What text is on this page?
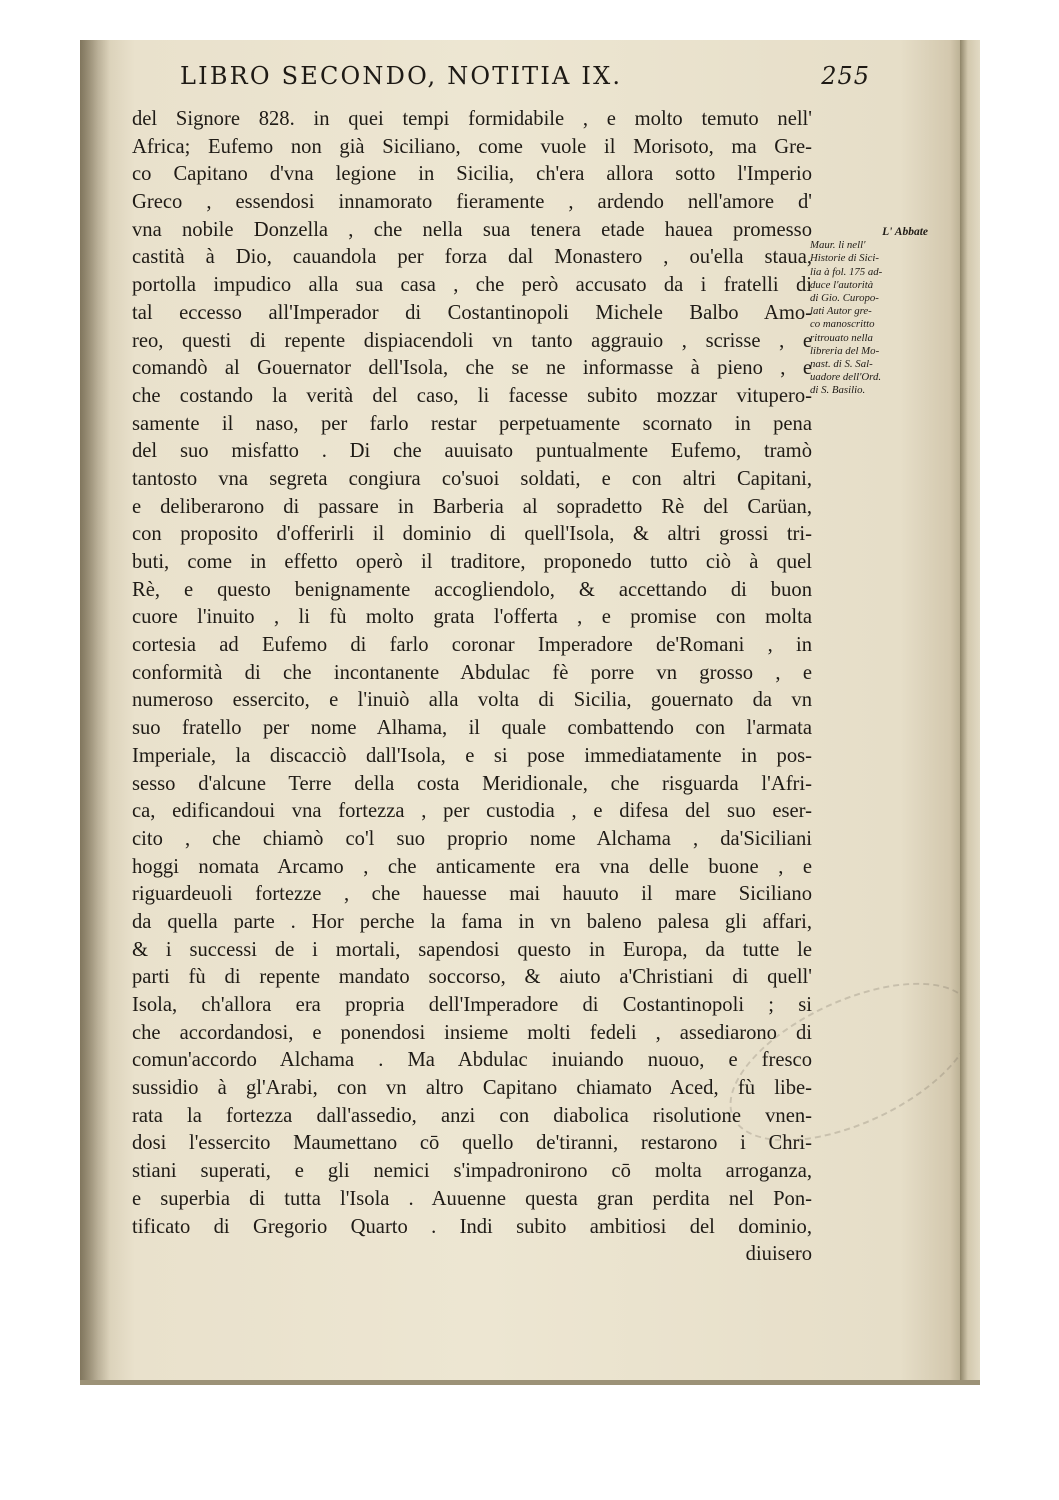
LIBRO SECONDO, NOTITIA IX.	255
del Signore 828. in quei tempi formidabile , e molto temuto nell'
Africa; Eufemo non già Siciliano, come vuole il Morisoto, ma Gre-
co Capitano d'vna legione in Sicilia, ch'era allora sotto l'Imperio
Greco , essendosi innamorato fieramente , ardendo nell'amore d'
vna nobile Donzella , che nella sua tenera etade hauea promesso
castità à Dio, cauandola per forza dal Monastero , ou'ella staua,
portolla impudico alla sua casa , che però accusato da i fratelli di
tal eccesso all'Imperador di Costantinopoli Michele Balbo Amo-
reo, questi di repente dispiacendoli vn tanto aggrauio , scrisse , e
comandò al Gouernator dell'Isola, che se ne informasse à pieno , e
che costando la verità del caso, li facesse subito mozzar vitupero-
samente il naso, per farlo restar perpetuamente scornato in pena
del suo misfatto . Di che auuisato puntualmente Eufemo, tramò
tantosto vna segreta congiura co'suoi soldati, e con altri Capitani,
e deliberarono di passare in Barberia al sopradetto Rè del Carüan,
con proposito d'offerirli il dominio di quell'Isola, & altri grossi tri-
buti, come in effetto operò il traditore, proponedo tutto ciò à quel
Rè, e questo benignamente accogliendolo, & accettando di buon
cuore l'inuito , li fù molto grata l'offerta , e promise con molta
cortesia ad Eufemo di farlo coronar Imperadore de'Romani , in
conformità di che incontanente Abdulac fè porre vn grosso , e
numeroso essercito, e l'inuiò alla volta di Sicilia, gouernato da vn
suo fratello per nome Alhama, il quale combattendo con l'armata
Imperiale, la discacciò dall'Isola, e si pose immediatamente in pos-
sesso d'alcune Terre della costa Meridionale, che risguarda l'Afri-
ca, edificandoui vna fortezza , per custodia , e difesa del suo eser-
cito , che chiamò co'l suo proprio nome Alchama , da'Siciliani
hoggi nomata Arcamo , che anticamente era vna delle buone , e
riguardeuoli fortezze , che hauesse mai hauuto il mare Siciliano
da quella parte . Hor perche la fama in vn baleno palesa gli affari,
& i successi de i mortali, sapendosi questo in Europa, da tutte le
parti fù di repente mandato soccorso, & aiuto a'Christiani di quell'
Isola, ch'allora era propria dell'Imperadore di Costantinopoli ; si
che accordandosi, e ponendosi insieme molti fedeli , assediarono di
comun'accordo Alchama . Ma Abdulac inuiando nuouo, e fresco
sussidio à gl'Arabi, con vn altro Capitano chiamato Aced, fù libe-
rata la fortezza dall'assedio, anzi con diabolica risolutione vnen-
dosi l'essercito Maumettano cō quello de'tiranni, restarono i Chri-
stiani superati, e gli nemici s'impadronirono cō molta arroganza,
e superbia di tutta l'Isola . Auuenne questa gran perdita nel Pon-
tificato di Gregorio Quarto . Indi subito ambitiosi del dominio,
diuisero
L' Abbate
Maur. li nell'
Historie di Sici-
lia à fol. 175 ad-
duce l'autorità
di Gio. Curopo-
lati Autor gre-
co manoscritto
ritrouato nella
libreria del Mo-
nast. di S. Sal-
uadore dell'Ord.
di S. Basilio.
